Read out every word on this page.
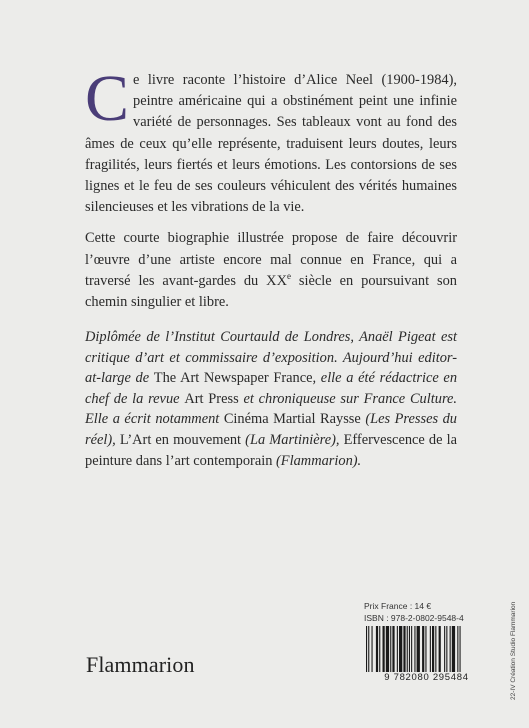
Ce livre raconte l’histoire d’Alice Neel (1900-1984), peintre américaine qui a obstinément peint une infinie variété de personnages. Ses tableaux vont au fond des âmes de ceux qu’elle représente, traduisent leurs doutes, leurs fragilités, leurs fiertés et leurs émotions. Les contorsions de ses lignes et le feu de ses couleurs véhiculent des vérités humaines silencieuses et les vibrations de la vie.

Cette courte biographie illustrée propose de faire découvrir l’œuvre d’une artiste encore mal connue en France, qui a traversé les avant-gardes du XXe siècle en poursuivant son chemin singulier et libre.

Diplômée de l’Institut Courtauld de Londres, Anaël Pigeat est critique d’art et commissaire d’exposition. Aujourd’hui editor-at-large de The Art Newspaper France, elle a été rédactrice en chef de la revue Art Press et chroniqueuse sur France Culture. Elle a écrit notamment Cinéma Martial Raysse (Les Presses du réel), L’Art en mouvement (La Martinière), Effervescence de la peinture dans l’art contemporain (Flammarion).

Prix France : 14 €
ISBN : 978-2-0802-9548-4
9 782080 295484
Flammarion	22-IV Création Studio Flammarion
